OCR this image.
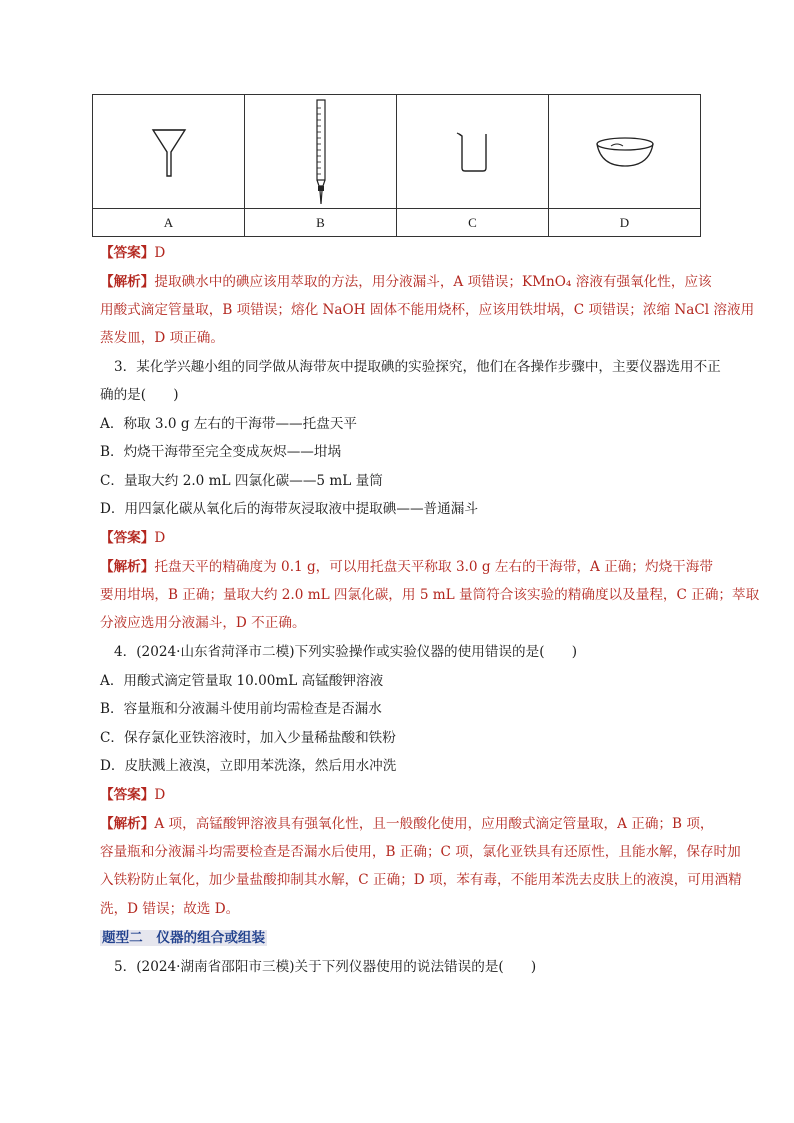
A	B	C	D
【答案】D
【解析】提取碘水中的碘应该用萃取的方法，用分液漏斗，A 项错误；KMnO₄ 溶液有强氧化性，应该
用酸式滴定管量取，B 项错误；熔化 NaOH 固体不能用烧杯，应该用铁坩埚，C 项错误；浓缩 NaCl 溶液用
蒸发皿，D 项正确。
3．某化学兴趣小组的同学做从海带灰中提取碘的实验探究，他们在各操作步骤中，主要仪器选用不正
确的是(　　)
A．称取 3.0 g 左右的干海带——托盘天平
B．灼烧干海带至完全变成灰烬——坩埚
C．量取大约 2.0 mL 四氯化碳——5 mL 量筒
D．用四氯化碳从氧化后的海带灰浸取液中提取碘——普通漏斗
【答案】D
【解析】托盘天平的精确度为 0.1 g，可以用托盘天平称取 3.0 g 左右的干海带，A 正确；灼烧干海带
要用坩埚，B 正确；量取大约 2.0 mL 四氯化碳，用 5 mL 量筒符合该实验的精确度以及量程，C 正确；萃取
分液应选用分液漏斗，D 不正确。
4．(2024·山东省菏泽市二模)下列实验操作或实验仪器的使用错误的是(　　)
A．用酸式滴定管量取 10.00mL 高锰酸钾溶液
B．容量瓶和分液漏斗使用前均需检查是否漏水
C．保存氯化亚铁溶液时，加入少量稀盐酸和铁粉
D．皮肤溅上液溴，立即用苯洗涤，然后用水冲洗
【答案】D
【解析】A 项，高锰酸钾溶液具有强氧化性，且一般酸化使用，应用酸式滴定管量取，A 正确；B 项，
容量瓶和分液漏斗均需要检查是否漏水后使用，B 正确；C 项，氯化亚铁具有还原性，且能水解，保存时加
入铁粉防止氧化，加少量盐酸抑制其水解，C 正确；D 项，苯有毒，不能用苯洗去皮肤上的液溴，可用酒精
洗，D 错误；故选 D。
题型二　仪器的组合或组装
5．(2024·湖南省邵阳市三模)关于下列仪器使用的说法错误的是(　　)
